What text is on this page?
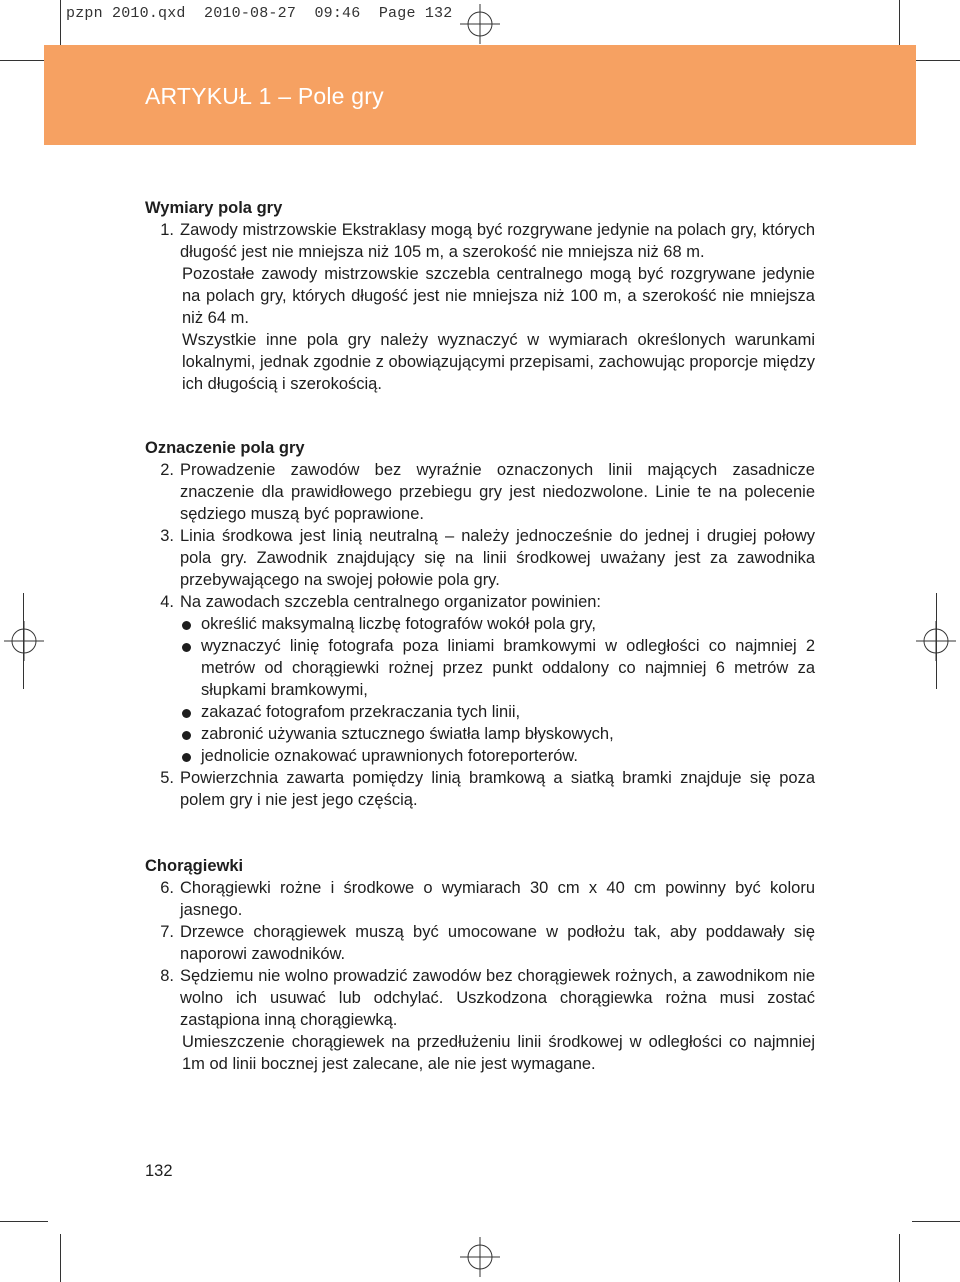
pzpn 2010.qxd  2010-08-27  09:46  Page 132
ARTYKUŁ 1 – Pole gry

Wymiary pola gry

1. Zawody mistrzowskie Ekstraklasy mogą być rozgrywane jedynie na polach gry, których długość jest nie mniejsza niż 105 m, a szerokość nie mniejsza niż 68 m.
Pozostałe zawody mistrzowskie szczebla centralnego mogą być rozgrywane jedynie na polach gry, których długość jest nie mniejsza niż 100 m, a szerokość nie mniejsza niż 64 m.
Wszystkie inne pola gry należy wyznaczyć w wymiarach określonych warunkami lokalnymi, jednak zgodnie z obowiązującymi przepisami, zachowując proporcje między ich długością i szerokością.

Oznaczenie pola gry

2. Prowadzenie zawodów bez wyraźnie oznaczonych linii mających zasadnicze znaczenie dla prawidłowego przebiegu gry jest niedozwolone. Linie te na polecenie sędziego muszą być poprawione.
3. Linia środkowa jest linią neutralną – należy jednocześnie do jednej i drugiej połowy pola gry. Zawodnik znajdujący się na linii środkowej uważany jest za zawodnika przebywającego na swojej połowie pola gry.
4. Na zawodach szczebla centralnego organizator powinien:
określić maksymalną liczbę fotografów wokół pola gry,
wyznaczyć linię fotografa poza liniami bramkowymi w odległości co najmniej 2 metrów od chorągiewki rożnej przez punkt oddalony co najmniej 6 metrów za słupkami bramkowymi,
zakazać fotografom przekraczania tych linii,
zabronić używania sztucznego światła lamp błyskowych,
jednolicie oznakować uprawnionych fotoreporterów.
5. Powierzchnia zawarta pomiędzy linią bramkową a siatką bramki znajduje się poza polem gry i nie jest jego częścią.

Chorągiewki

6. Chorągiewki rożne i środkowe o wymiarach 30 cm x 40 cm powinny być koloru jasnego.
7. Drzewce chorągiewek muszą być umocowane w podłożu tak, aby poddawały się naporowi zawodników.
8. Sędziemu nie wolno prowadzić zawodów bez chorągiewek rożnych, a zawodnikom nie wolno ich usuwać lub odchylać. Uszkodzona chorągiewka rożna musi zostać zastąpiona inną chorągiewką.
Umieszczenie chorągiewek na przedłużeniu linii środkowej w odległości co najmniej 1m od linii bocznej jest zalecane, ale nie jest wymagane.
132
